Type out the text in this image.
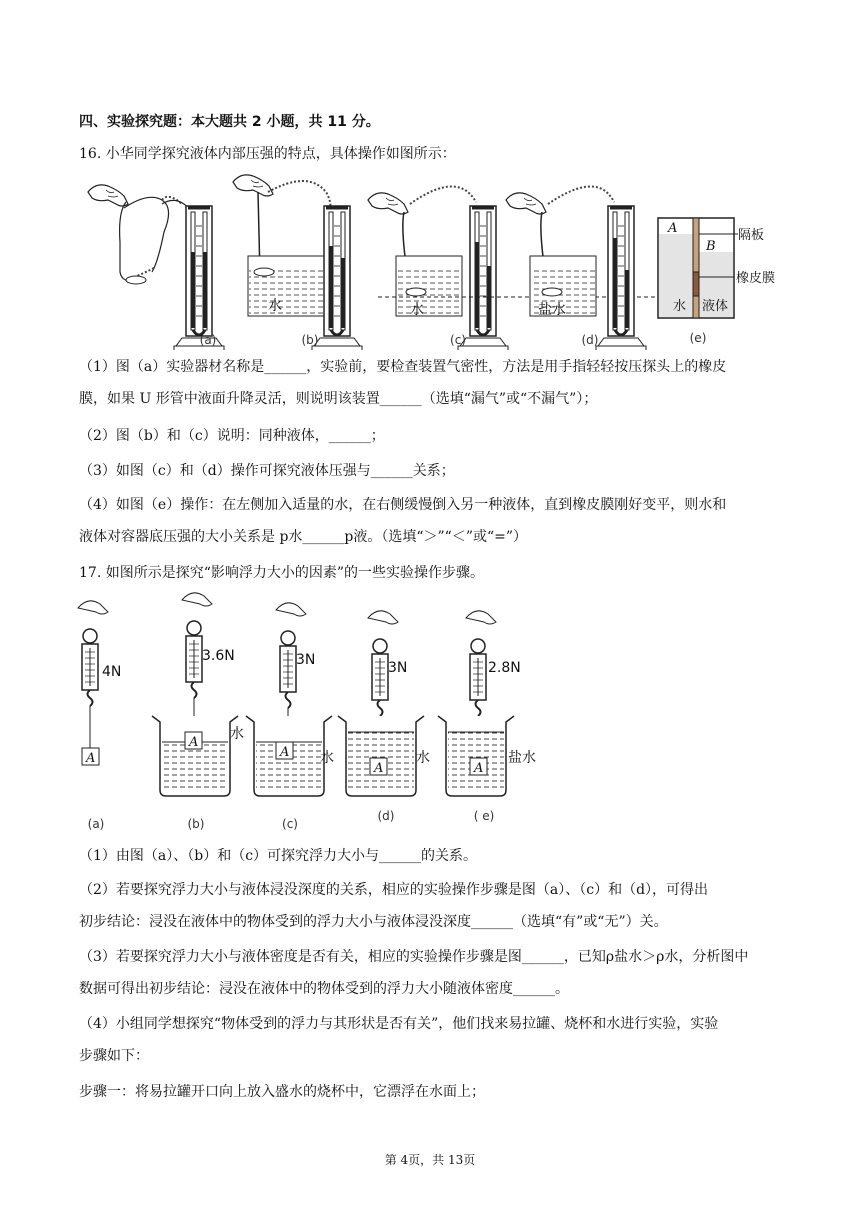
四、实验探究题：本大题共 2 小题，共 11 分。
16. 小华同学探究液体内部压强的特点，具体操作如图所示：
(a)
水
(b)
水
(c)
盐水
(d)
A
B
隔板
橡皮膜
水 液体
(e)
（1）图（a）实验器材名称是______，实验前，要检查装置气密性，方法是用手指轻轻按压探头上的橡皮
膜，如果 U 形管中液面升降灵活，则说明该装置______（选填“漏气”或“不漏气”）；
（2）图（b）和（c）说明：同种液体，______；
（3）如图（c）和（d）操作可探究液体压强与______关系；
（4）如图（e）操作：在左侧加入适量的水，在右侧缓慢倒入另一种液体，直到橡皮膜刚好变平，则水和
液体对容器底压强的大小关系是 p水______p液。（选填“＞”“＜”或“=”）
17. 如图所示是探究“影响浮力大小的因素”的一些实验操作步骤。
4N
A
(a)
3.6N
A
水
(b)
3N
A 水
(c)
3N
A
水
(d)
2.8N
A
盐水
( e)
（1）由图（a）、（b）和（c）可探究浮力大小与______的关系。
（2）若要探究浮力大小与液体浸没深度的关系，相应的实验操作步骤是图（a）、（c）和（d），可得出
初步结论：浸没在液体中的物体受到的浮力大小与液体浸没深度______（选填“有”或“无”）关。
（3）若要探究浮力大小与液体密度是否有关，相应的实验操作步骤是图______，已知ρ盐水＞ρ水，分析图中
数据可得出初步结论：浸没在液体中的物体受到的浮力大小随液体密度______。
（4）小组同学想探究“物体受到的浮力与其形状是否有关”，他们找来易拉罐、烧杯和水进行实验，实验
步骤如下：
步骤一：将易拉罐开口向上放入盛水的烧杯中，它漂浮在水面上；
第 4页，共 13页
